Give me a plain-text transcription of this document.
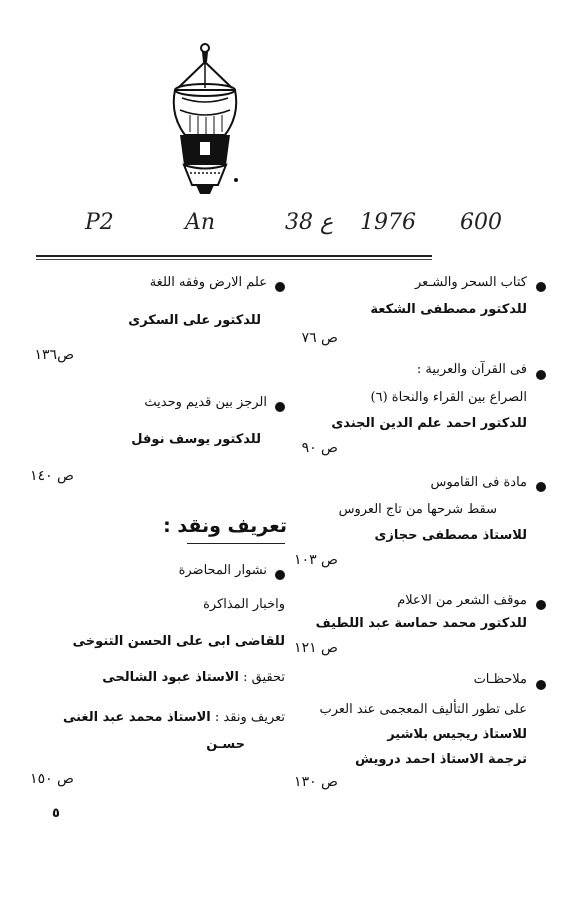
P2	An	38 ع 1976 600
كتاب السحر والشـعر
للدكتور مصطفى الشكعة
ص ٧٦
فى القرآن والعربية :
الصراع بين القراء والنحاة (٦)
للدكتور احمد علم الدين الجندى
ص ٩٠
مادة فى القاموس
سقط شرحها من تاج العروس
للاستاذ مصطفى حجازى
ص ١٠٣
موقف الشعر من الاعلام
للدكتور محمد حماسة عبد اللطيف
ص ١٢١
ملاحظـات
على تطور التأليف المعجمى عند العرب
للاستاذ ريجيس بلاشير
ترجمة الاستاذ احمد درويش
ص ١٣٠
علم الارض وفقه اللغة
للدكتور على السكرى
ص١٣٦
الرجز بين قديم وحديث
للدكتور يوسف نوفل
ص ١٤٠
تعريف ونقد :
نشوار المحاضرة
واخبار المذاكرة
للقاضى ابى على الحسن التنوخى
تحقيق : الاستاذ عبود الشالحى
تعريف ونقد : الاستاذ محمد عبد الغنى
حسـن
ص ١٥٠
٥
